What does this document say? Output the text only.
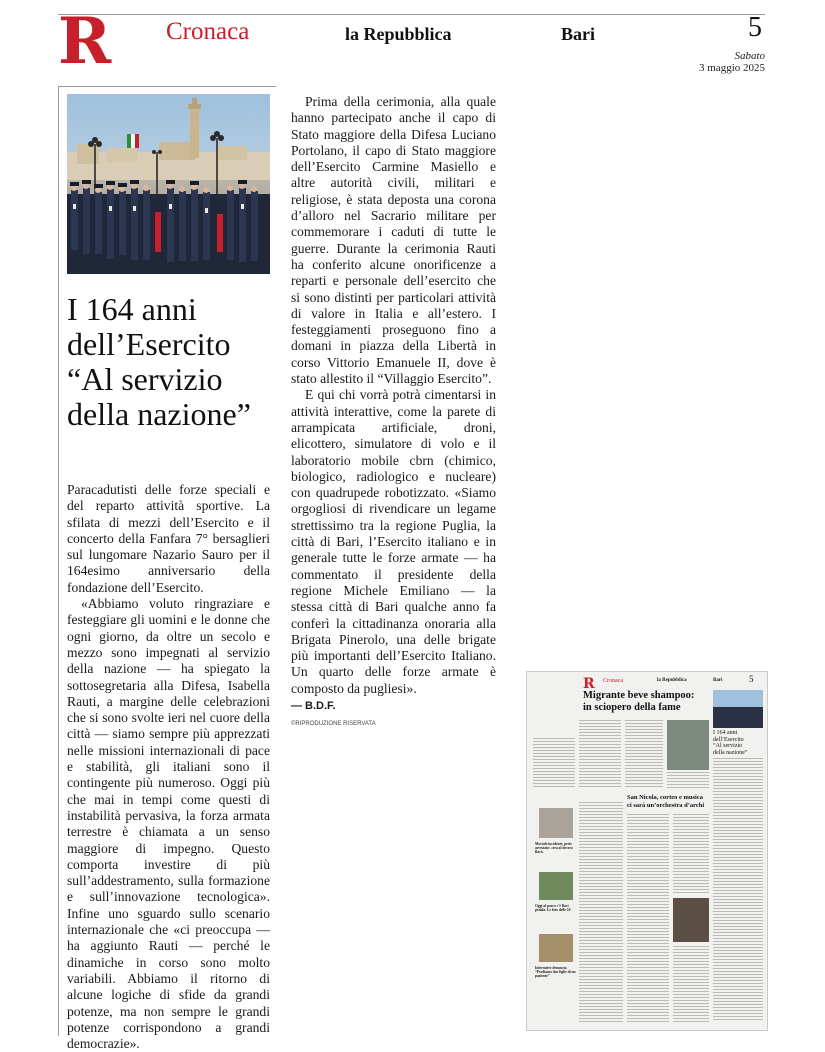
R Cronaca	la Repubblica	Bari	5
Sabato
3 maggio 2025
I 164 anni
dell’Esercito
“Al servizio
della nazione”

Paracadutisti delle forze speciali e del reparto attività sportive. La sfilata di mezzi dell’Esercito e il concerto della Fanfara 7° bersaglieri sul lungomare Nazario Sauro per il 164esimo anniversario della fondazione dell’Esercito.

«Abbiamo voluto ringraziare e festeggiare gli uomini e le donne che ogni giorno, da oltre un secolo e mezzo sono impegnati al servizio della nazione — ha spiegato la sottosegretaria alla Difesa, Isabella Rauti, a margine delle celebrazioni che si sono svolte ieri nel cuore della città — siamo sempre più apprezzati nelle missioni internazionali di pace e stabilità, gli italiani sono il contingente più numeroso. Oggi più che mai in tempi come questi di instabilità pervasiva, la forza armata terrestre è chiamata a un senso maggiore di impegno. Questo comporta investire di più sull’addestramento, sulla formazione e sull’innovazione tecnologica». Infine uno sguardo sullo scenario internazionale che «ci preoccupa — ha aggiunto Rauti — perché le dinamiche in corso sono molto variabili. Abbiamo il ritorno di alcune logiche di sfide da grandi potenze, ma non sempre le grandi potenze corrispondono a grandi democrazie».

Prima della cerimonia, alla quale hanno partecipato anche il capo di Stato maggiore della Difesa Luciano Portolano, il capo di Stato maggiore dell’Esercito Carmine Masiello e altre autorità civili, militari e religiose, è stata deposta una corona d’alloro nel Sacrario militare per commemorare i caduti di tutte le guerre. Durante la cerimonia Rauti ha conferito alcune onorificenze a reparti e personale dell’esercito che si sono distinti per particolari attività di valore in Italia e all’estero. I festeggiamenti proseguono fino a domani in piazza della Libertà in corso Vittorio Emanuele II, dove è stato allestito il “Villaggio Esercito”.

E qui chi vorrà potrà cimentarsi in attività interattive, come la parete di arrampicata artificiale, droni, elicottero, simulatore di volo e il laboratorio mobile cbrn (chimico, biologico, radiologico e nucleare) con quadrupede robotizzato. «Siamo orgogliosi di rivendicare un legame strettissimo tra la regione Puglia, la città di Bari, l’Esercito italiano e in generale tutte le forze armate — ha commentato il presidente della regione Michele Emiliano — la stessa città di Bari qualche anno fa conferì la cittadinanza onoraria alla Brigata Pinerolo, una delle brigate più importanti dell’Esercito Italiano. Un quarto delle forze armate è composto da pugliesi».

— B.D.F.

©RIPRODUZIONE RISERVATA

R Cronaca	la Repubblica	Bari	5
Migrante beve shampoo:
in sciopero della fame
I 164 anni
dell’Esercito
“Al servizio
della nazione”
Mortale incidente, prete arrestato: «era al decoro Bari»
Oggi al parco c’è Bari pedala. Le foto delle 10
Infermiere denuncia “Perdiamo due figlie di un paziente”
San Nicola, corteo e musica
ci sarà un’orchestra d’archi
